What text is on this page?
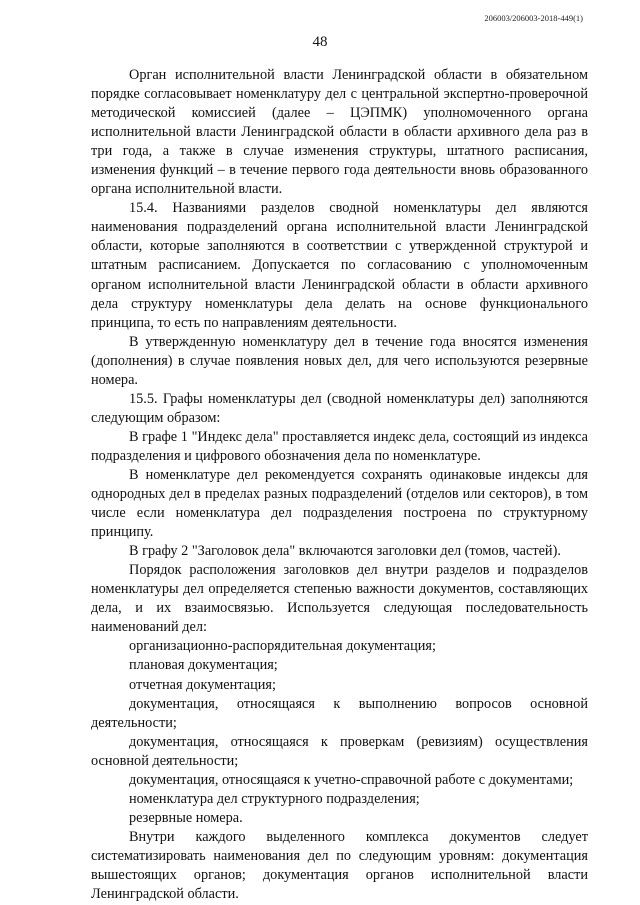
206003/206003-2018-449(1)
48

Орган исполнительной власти Ленинградской области в обязательном порядке согласовывает номенклатуру дел с центральной экспертно-проверочной методической комиссией (далее – ЦЭПМК) уполномоченного органа исполнительной власти Ленинградской области в области архивного дела раз в три года, а также в случае изменения структуры, штатного расписания, изменения функций – в течение первого года деятельности вновь образованного органа исполнительной власти.

15.4. Названиями разделов сводной номенклатуры дел являются наименования подразделений органа исполнительной власти Ленинградской области, которые заполняются в соответствии с утвержденной структурой и штатным расписанием. Допускается по согласованию с уполномоченным органом исполнительной власти Ленинградской области в области архивного дела структуру номенклатуры дела делать на основе функционального принципа, то есть по направлениям деятельности.

В утвержденную номенклатуру дел в течение года вносятся изменения (дополнения) в случае появления новых дел, для чего используются резервные номера.

15.5. Графы номенклатуры дел (сводной номенклатуры дел) заполняются следующим образом:

В графе 1 "Индекс дела" проставляется индекс дела, состоящий из индекса подразделения и цифрового обозначения дела по номенклатуре.

В номенклатуре дел рекомендуется сохранять одинаковые индексы для однородных дел в пределах разных подразделений (отделов или секторов), в том числе если номенклатура дел подразделения построена по структурному принципу.

В графу 2 "Заголовок дела" включаются заголовки дел (томов, частей).

Порядок расположения заголовков дел внутри разделов и подразделов номенклатуры дел определяется степенью важности документов, составляющих дела, и их взаимосвязью. Используется следующая последовательность наименований дел:

организационно-распорядительная документация;

плановая документация;

отчетная документация;

документация, относящаяся к выполнению вопросов основной деятельности;

документация, относящаяся к проверкам (ревизиям) осуществления основной деятельности;

документация, относящаяся к учетно-справочной работе с документами;

номенклатура дел структурного подразделения;

резервные номера.

Внутри каждого выделенного комплекса документов следует систематизировать наименования дел по следующим уровням: документация вышестоящих органов; документация органов исполнительной власти Ленинградской области.
